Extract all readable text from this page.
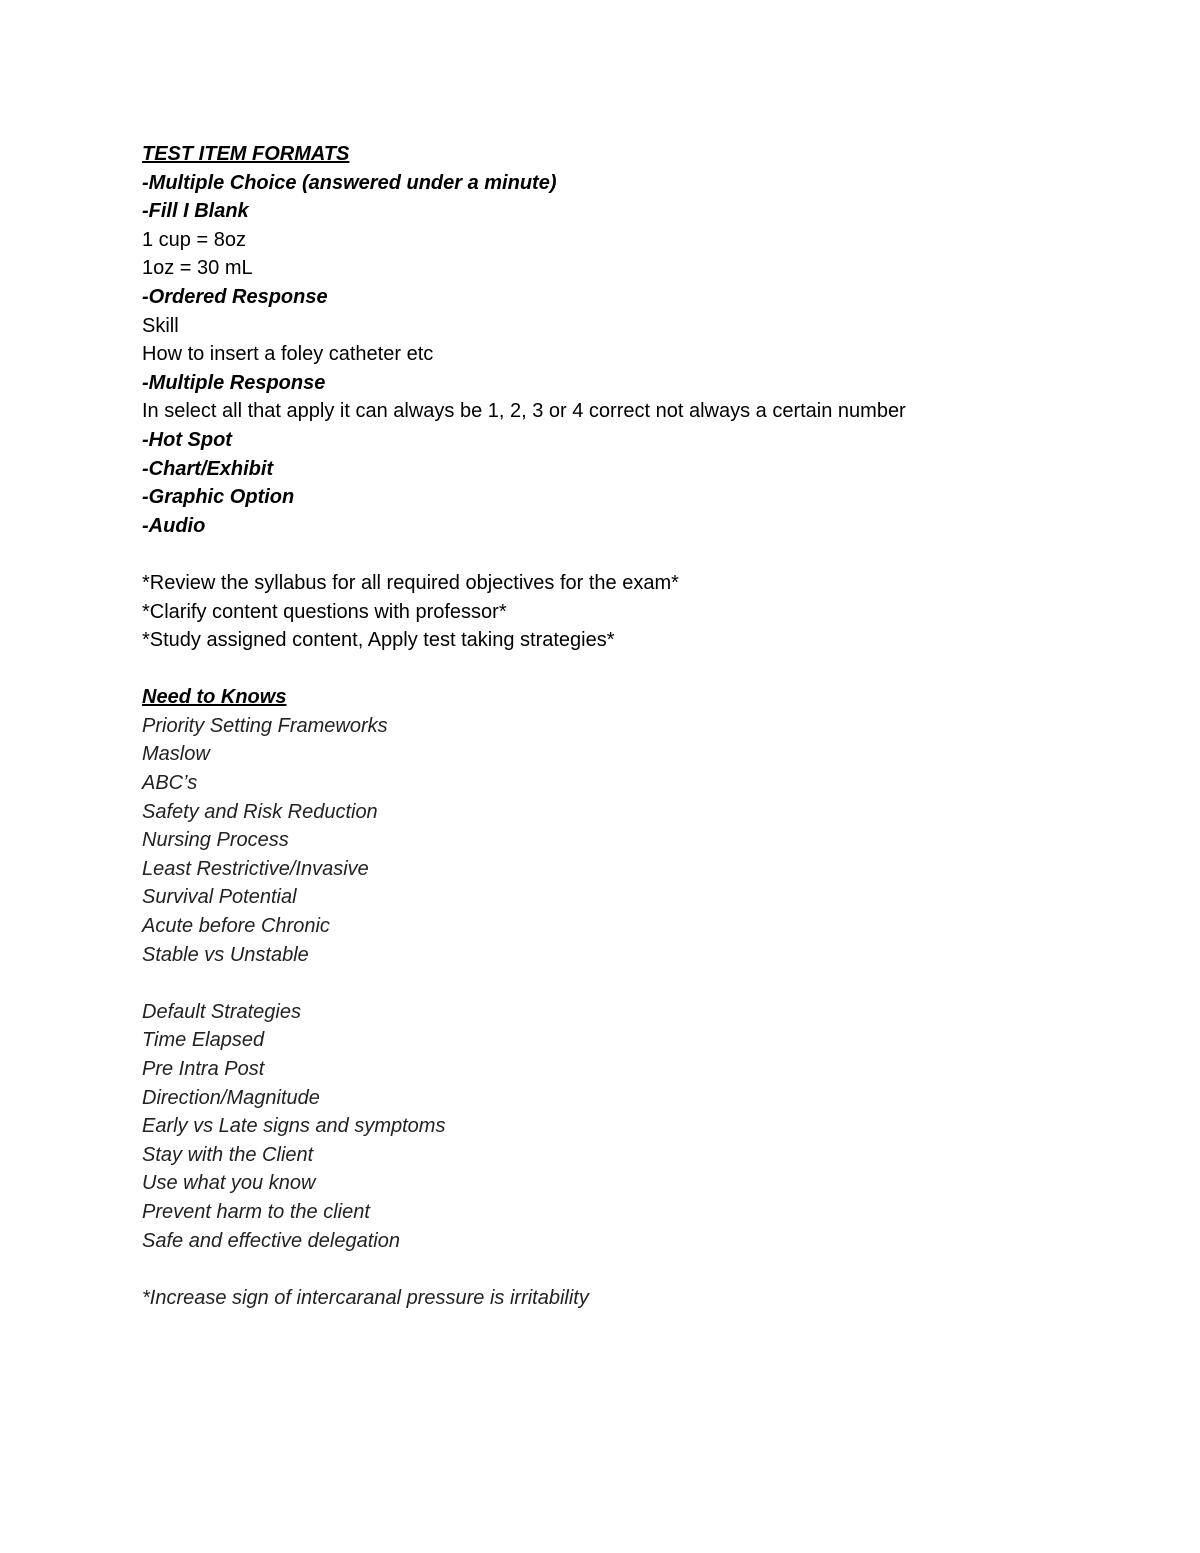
TEST ITEM FORMATS
-Multiple Choice (answered under a minute)
-Fill I Blank
1 cup = 8oz
1oz = 30 mL
-Ordered Response
Skill
How to insert a foley catheter etc
-Multiple Response
In select all that apply it can always be 1, 2, 3 or 4 correct not always a certain number
-Hot Spot
-Chart/Exhibit
-Graphic Option
-Audio
*Review the syllabus for all required objectives for the exam*
*Clarify content questions with professor*
*Study assigned content, Apply test taking strategies*
Need to Knows
Priority Setting Frameworks
Maslow
ABC’s
Safety and Risk Reduction
Nursing Process
Least Restrictive/Invasive
Survival Potential
Acute before Chronic
Stable vs Unstable
Default Strategies
Time Elapsed
Pre Intra Post
Direction/Magnitude
Early vs Late signs and symptoms
Stay with the Client
Use what you know
Prevent harm to the client
Safe and effective delegation
*Increase sign of intercaranal pressure is irritability
